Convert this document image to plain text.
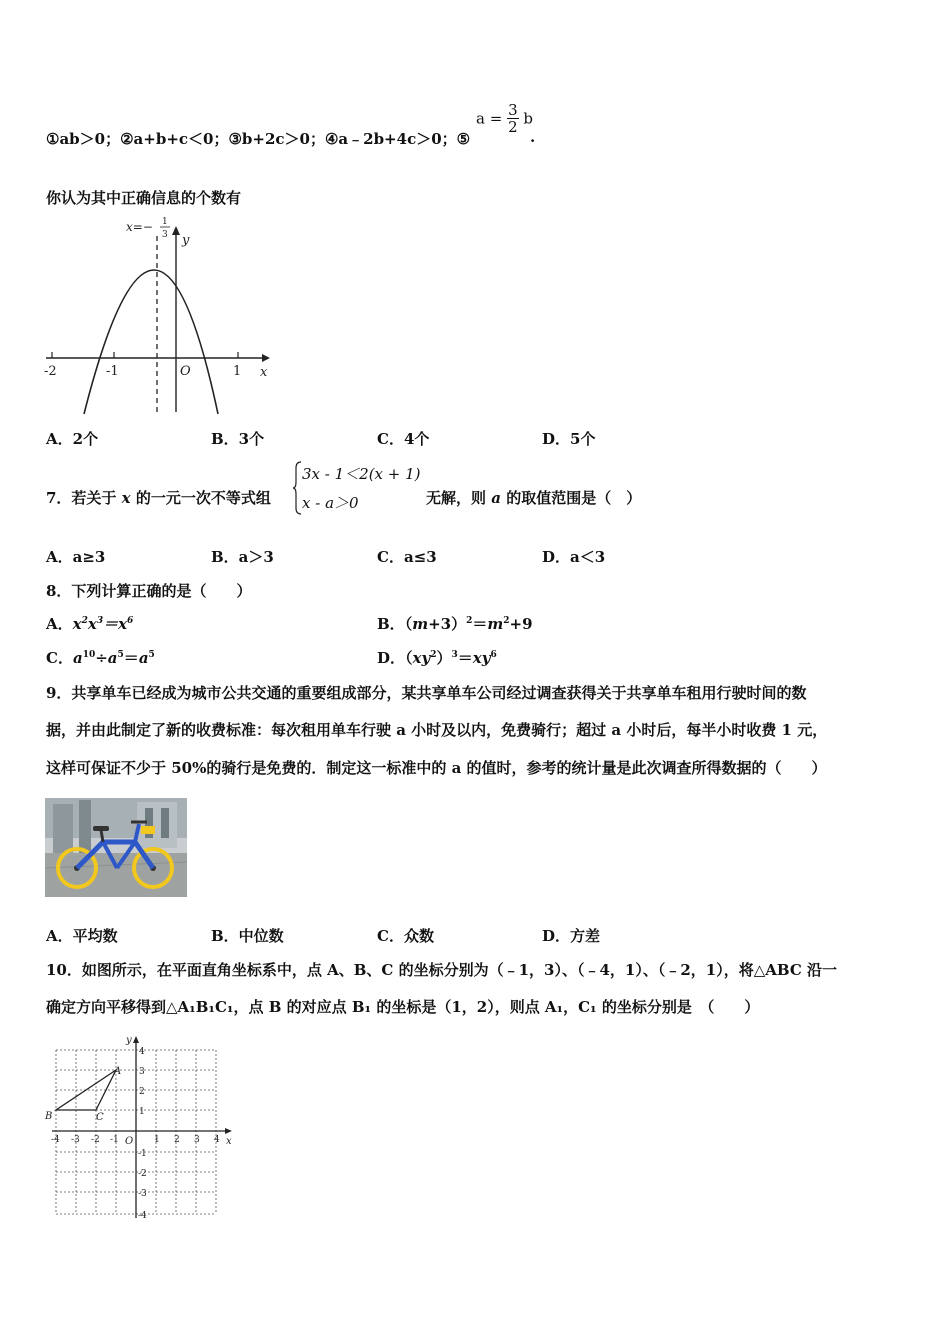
①ab＞0；②a+b+c＜0；③b+2c＞0；④a﹣2b+4c＞0；⑤
$a = \frac{3}{2}$ b
.
你认为其中正确信息的个数有
x=− 1
3 y
x
O
-2	-1	1
A．2个	B．3个	C．4个	D．5个
7．若关于 x 的一元一次不等式组
3x - 1＜2(x + 1)
x - a＞0	无解，则 a 的取值范围是（　）
A．a≥3	B．a＞3	C．a≤3	D．a＜3
8．下列计算正确的是（　　）
A．$x^2x^3=x^6$	B．$(m+3)^2=m^2+9$
C．$a^{10}\div a^5=a^5$	D．$(xy^2)^3=xy^6$
9．共享单车已经成为城市公共交通的重要组成部分，某共享单车公司经过调查获得关于共享单车租用行驶时间的数
据，并由此制定了新的收费标准：每次租用单车行驶 a 小时及以内，免费骑行；超过 a 小时后，每半小时收费 1 元，
这样可保证不少于 50%的骑行是免费的．制定这一标准中的 a 的值时，参考的统计量是此次调查所得数据的（　　）
A．平均数	B．中位数	C．众数	D．方差
10．如图所示，在平面直角坐标系中，点 A、B、C 的坐标分别为（﹣1，3）、（﹣4，1）、（﹣2，1），将△ABC 沿一
确定方向平移得到△A₁B₁C₁，点 B 的对应点 B₁ 的坐标是（1，2），则点 A₁，C₁ 的坐标分别是　（　　）
y
x
O
A
B	C
-4 -3 -2 -1	1 2 3 4
4
3
2
1
-1
-2
-3
-4
